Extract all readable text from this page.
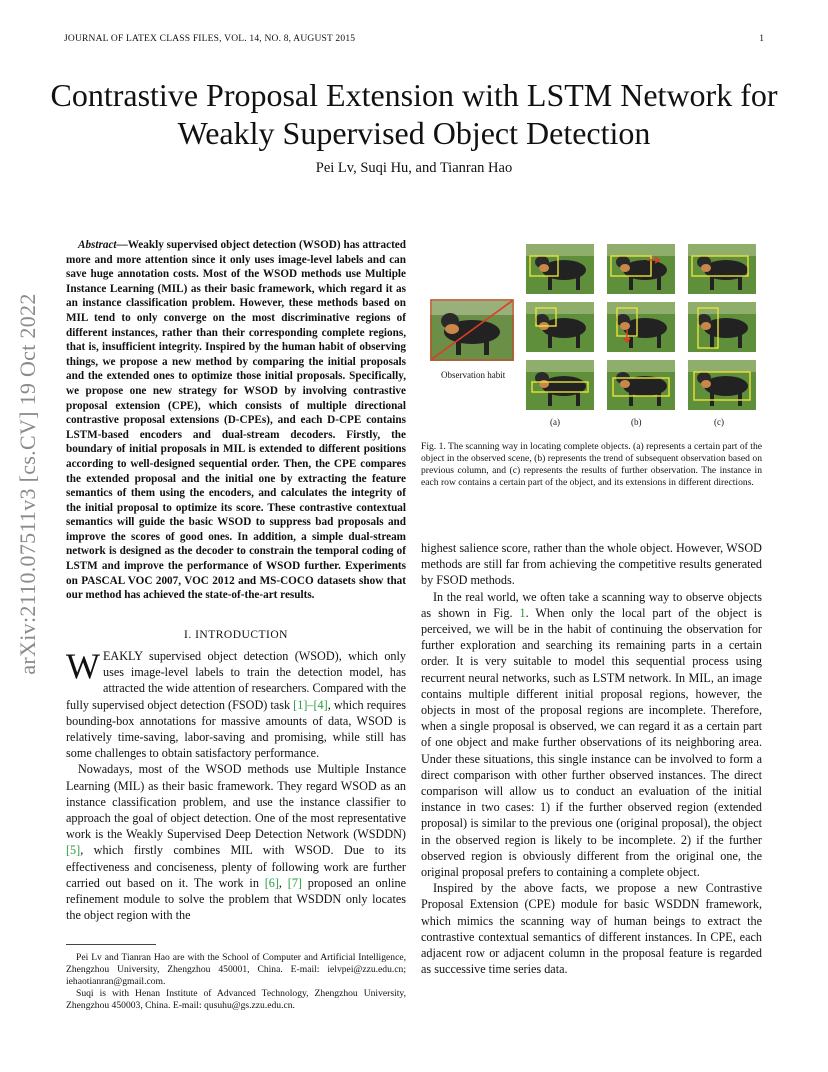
JOURNAL OF LATEX CLASS FILES, VOL. 14, NO. 8, AUGUST 2015	1
arXiv:2110.07511v3 [cs.CV] 19 Oct 2022
Contrastive Proposal Extension with LSTM Network for Weakly Supervised Object Detection
Pei Lv, Suqi Hu, and Tianran Hao
Abstract—Weakly supervised object detection (WSOD) has attracted more and more attention since it only uses image-level labels and can save huge annotation costs. Most of the WSOD methods use Multiple Instance Learning (MIL) as their basic framework, which regard it as an instance classification problem. However, these methods based on MIL tend to only converge on the most discriminative regions of different instances, rather than their corresponding complete regions, that is, insufficient integrity. Inspired by the human habit of observing things, we propose a new method by comparing the initial proposals and the extended ones to optimize those initial proposals. Specifically, we propose one new strategy for WSOD by involving contrastive proposal extension (CPE), which consists of multiple directional contrastive proposal extensions (D-CPEs), and each D-CPE contains LSTM-based encoders and dual-stream decoders. Firstly, the boundary of initial proposals in MIL is extended to different positions according to well-designed sequential order. Then, the CPE compares the extended proposal and the initial one by extracting the feature semantics of them using the encoders, and calculates the integrity of the initial proposal to optimize its score. These contrastive contextual semantics will guide the basic WSOD to suppress bad proposals and improve the scores of good ones. In addition, a simple dual-stream network is designed as the decoder to constrain the temporal coding of LSTM and improve the performance of WSOD further. Experiments on PASCAL VOC 2007, VOC 2012 and MS-COCO datasets show that our method has achieved the state-of-the-art results.
I. INTRODUCTION

WEAKLY supervised object detection (WSOD), which only uses image-level labels to train the detection model, has attracted the wide attention of researchers. Compared with the fully supervised object detection (FSOD) task [1]–[4], which requires bounding-box annotations for massive amounts of data, WSOD is relatively time-saving, labor-saving and promising, while still has some challenges to obtain satisfactory performance.

Nowadays, most of the WSOD methods use Multiple Instance Learning (MIL) as their basic framework. They regard WSOD as an instance classification problem, and use the instance classifier to approach the goal of object detection. One of the most representative work is the Weakly Supervised Deep Detection Network (WSDDN) [5], which firstly combines MIL with WSOD. Due to its effectiveness and conciseness, plenty of following work are further carried out based on it. The work in [6], [7] proposed an online refinement module to solve the problem that WSDDN only locates the object region with the

Pei Lv and Tianran Hao are with the School of Computer and Artificial Intelligence, Zhengzhou University, Zhengzhou 450001, China. E-mail: ielvpei@zzu.edu.cn; iehaotianran@gmail.com.

Suqi is with Henan Institute of Advanced Technology, Zhengzhou University, Zhengzhou 450003, China. E-mail: qusuhu@gs.zzu.edu.cn.

Observation habit
(a)	(b)	(c)
Fig. 1. The scanning way in locating complete objects. (a) represents a certain part of the object in the observed scene, (b) represents the trend of subsequent observation based on previous column, and (c) represents the results of further observation. The instance in each row contains a certain part of the object, and its extensions in different directions.

highest salience score, rather than the whole object. However, WSOD methods are still far from achieving the competitive results generated by FSOD methods.

In the real world, we often take a scanning way to observe objects as shown in Fig. 1. When only the local part of the object is perceived, we will be in the habit of continuing the observation for further exploration and searching its remaining parts in a certain order. It is very suitable to model this sequential process using recurrent neural networks, such as LSTM network. In MIL, an image contains multiple different initial proposal regions, however, the objects in most of the proposal regions are incomplete. Therefore, when a single proposal is observed, we can regard it as a certain part of one object and make further observations of its neighboring area. Under these situations, this single instance can be involved to form a direct comparison with other further observed instances. The direct comparison will allow us to conduct an evaluation of the initial instance in two cases: 1) if the further observed region (extended proposal) is similar to the previous one (original proposal), the object in the observed region is likely to be incomplete. 2) if the further observed region is obviously different from the original one, the original proposal prefers to containing a complete object.

Inspired by the above facts, we propose a new Contrastive Proposal Extension (CPE) module for basic WSDDN framework, which mimics the scanning way of human beings to extract the contrastive contextual semantics of different instances. In CPE, each adjacent row or adjacent column in the proposal feature is regarded as successive time series data.
